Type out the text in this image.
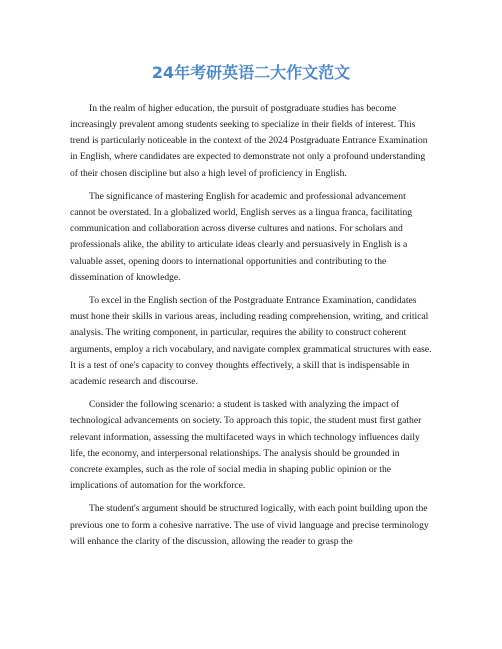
24年考研英语二大作文范文

In the realm of higher education, the pursuit of postgraduate studies has become increasingly prevalent among students seeking to specialize in their fields of interest. This trend is particularly noticeable in the context of the 2024 Postgraduate Entrance Examination in English, where candidates are expected to demonstrate not only a profound understanding of their chosen discipline but also a high level of proficiency in English.

The significance of mastering English for academic and professional advancement cannot be overstated. In a globalized world, English serves as a lingua franca, facilitating communication and collaboration across diverse cultures and nations. For scholars and professionals alike, the ability to articulate ideas clearly and persuasively in English is a valuable asset, opening doors to international opportunities and contributing to the dissemination of knowledge.

To excel in the English section of the Postgraduate Entrance Examination, candidates must hone their skills in various areas, including reading comprehension, writing, and critical analysis. The writing component, in particular, requires the ability to construct coherent arguments, employ a rich vocabulary, and navigate complex grammatical structures with ease. It is a test of one's capacity to convey thoughts effectively, a skill that is indispensable in academic research and discourse.

Consider the following scenario: a student is tasked with analyzing the impact of technological advancements on society. To approach this topic, the student must first gather relevant information, assessing the multifaceted ways in which technology influences daily life, the economy, and interpersonal relationships. The analysis should be grounded in concrete examples, such as the role of social media in shaping public opinion or the implications of automation for the workforce.

The student's argument should be structured logically, with each point building upon the previous one to form a cohesive narrative. The use of vivid language and precise terminology will enhance the clarity of the discussion, allowing the reader to grasp the
